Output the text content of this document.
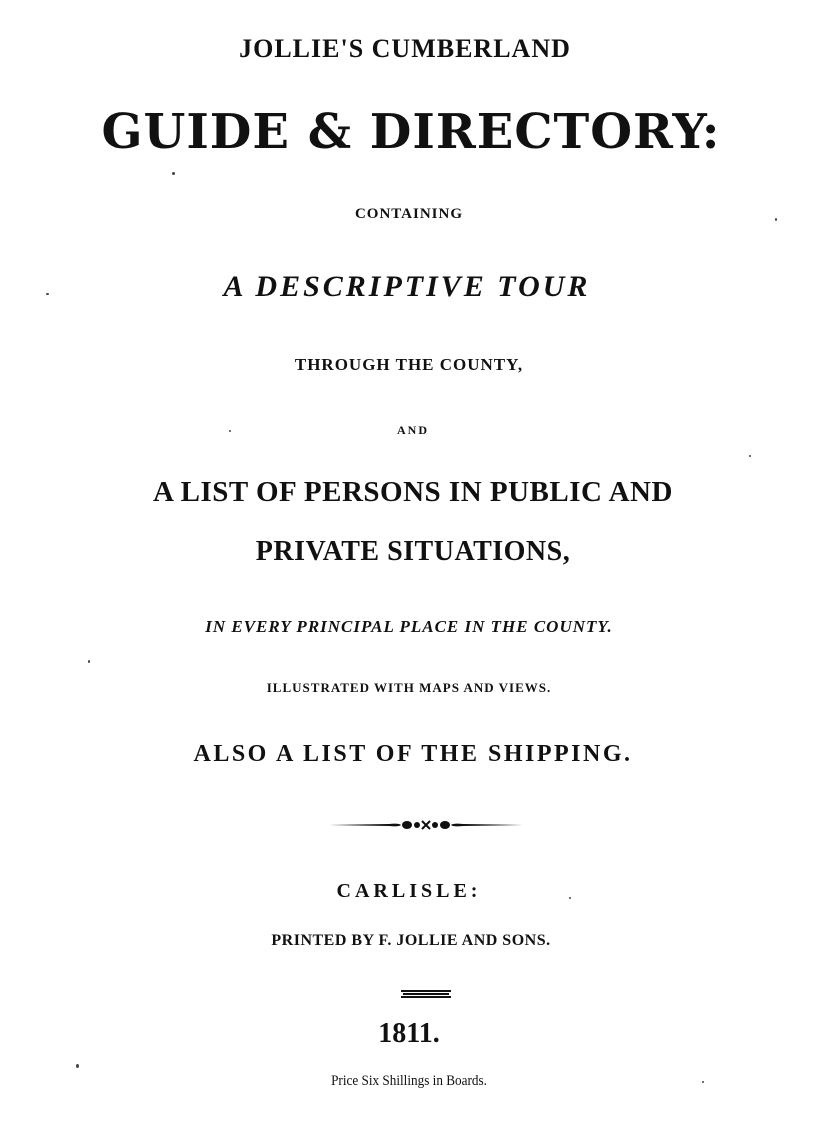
JOLLIE'S CUMBERLAND
GUIDE & DIRECTORY:
CONTAINING
A DESCRIPTIVE TOUR
THROUGH THE COUNTY,
AND
A LIST OF PERSONS IN PUBLIC AND
PRIVATE SITUATIONS,
IN EVERY PRINCIPAL PLACE IN THE COUNTY.
ILLUSTRATED WITH MAPS AND VIEWS.
ALSO A LIST OF THE SHIPPING.
CARLISLE:
PRINTED BY F. JOLLIE AND SONS.
1811.
Price Six Shillings in Boards.
